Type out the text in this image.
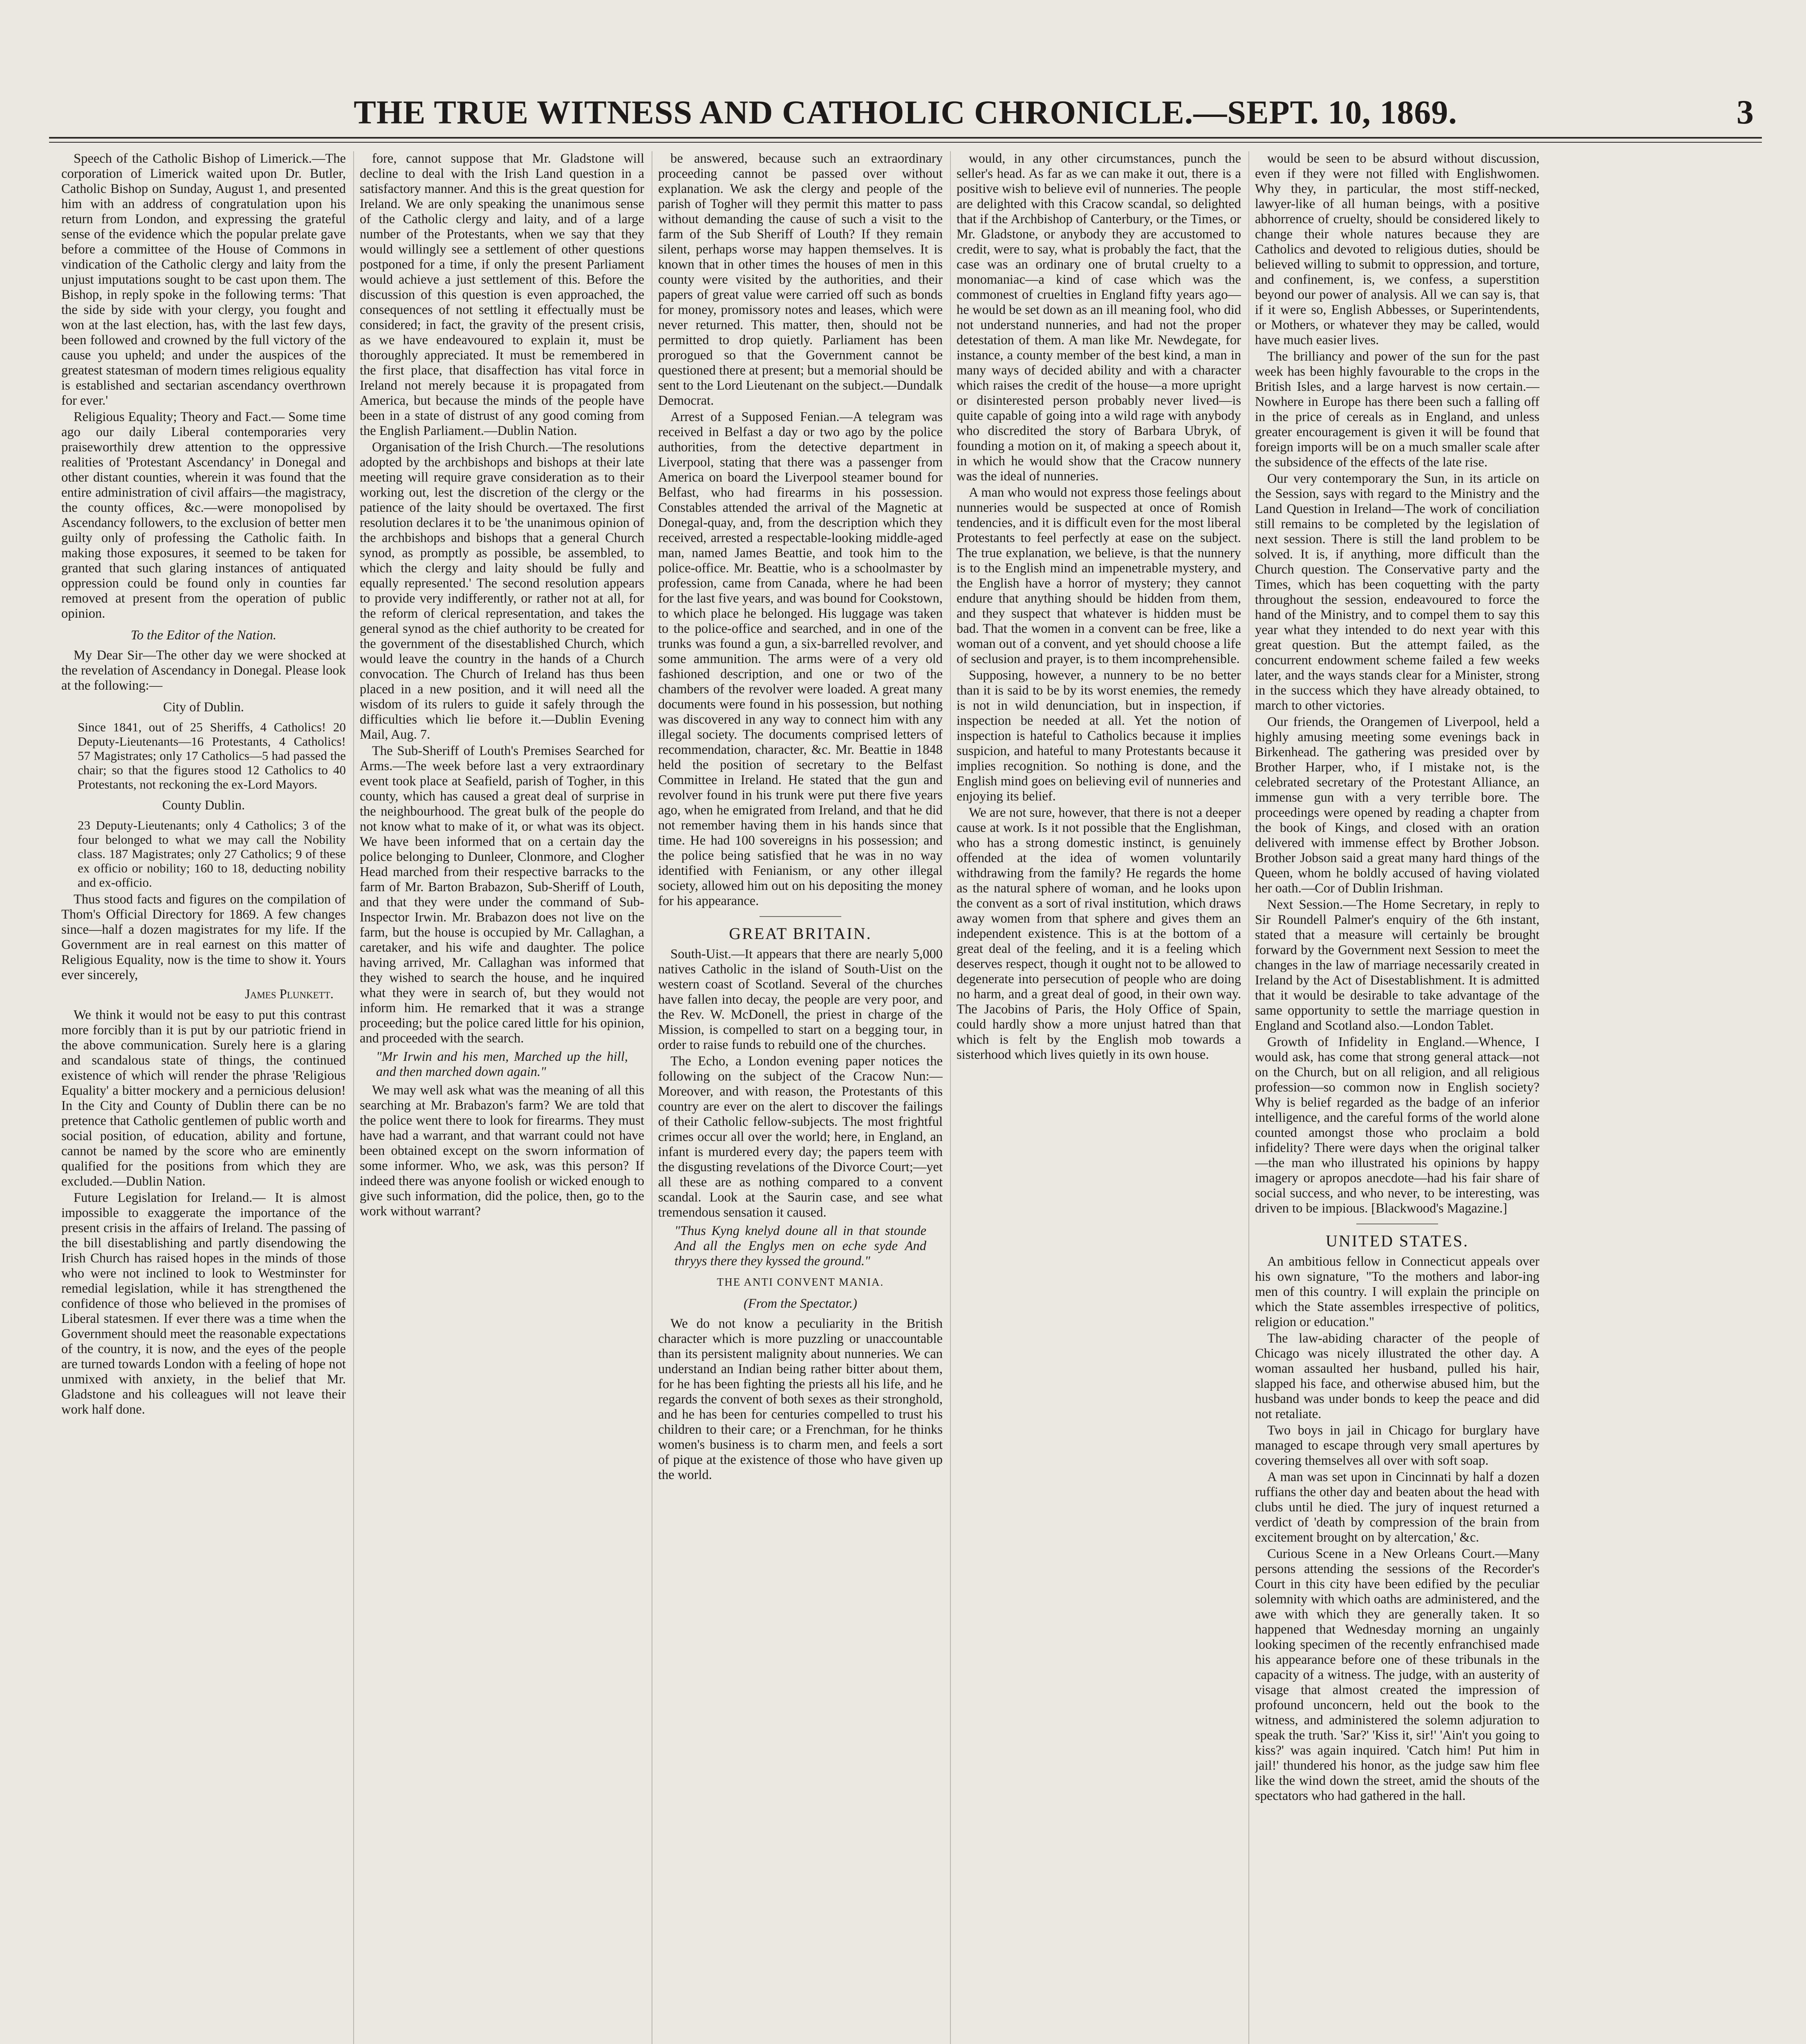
THE TRUE WITNESS AND CATHOLIC CHRONICLE.—SEPT. 10, 1869.	3

Speech of the Catholic Bishop of Limerick.—The corporation of Limerick waited upon Dr. Butler, Catholic Bishop on Sunday, August 1, and presented him with an address of congratulation upon his return from London, and expressing the grateful sense of the evidence which the popular prelate gave before a committee of the House of Commons in vindication of the Catholic clergy and laity from the unjust imputations sought to be cast upon them. The Bishop, in reply spoke in the following terms: 'That the side by side with your clergy, you fought and won at the last election, has, with the last few days, been followed and crowned by the full victory of the cause you upheld; and under the auspices of the greatest statesman of modern times religious equality is established and sectarian ascendancy overthrown for ever.'

Religious Equality; Theory and Fact.— Some time ago our daily Liberal contemporaries very praiseworthily drew attention to the oppressive realities of 'Protestant Ascendancy' in Donegal and other distant counties, wherein it was found that the entire administration of civil affairs—the magistracy, the county offices, &c.—were monopolised by Ascendancy followers, to the exclusion of better men guilty only of professing the Catholic faith. In making those exposures, it seemed to be taken for granted that such glaring instances of antiquated oppression could be found only in counties far removed at present from the operation of public opinion.

To the Editor of the Nation.

My Dear Sir—The other day we were shocked at the revelation of Ascendancy in Donegal. Please look at the following:—

City of Dublin.

Since 1841, out of 25 Sheriffs, 4 Catholics! 20 Deputy-Lieutenants—16 Protestants, 4 Catholics! 57 Magistrates; only 17 Catholics—5 had passed the chair; so that the figures stood 12 Catholics to 40 Protestants, not reckoning the ex-Lord Mayors.

County Dublin.

23 Deputy-Lieutenants; only 4 Catholics; 3 of the four belonged to what we may call the Nobility class. 187 Magistrates; only 27 Catholics; 9 of these ex officio or nobility; 160 to 18, deducting nobility and ex-officio.

Thus stood facts and figures on the compilation of Thom's Official Directory for 1869. A few changes since—half a dozen magistrates for my life. If the Government are in real earnest on this matter of Religious Equality, now is the time to show it. Yours ever sincerely,

James Plunkett.

We think it would not be easy to put this contrast more forcibly than it is put by our patriotic friend in the above communication. Surely here is a glaring and scandalous state of things, the continued existence of which will render the phrase 'Religious Equality' a bitter mockery and a pernicious delusion! In the City and County of Dublin there can be no pretence that Catholic gentlemen of public worth and social position, of education, ability and fortune, cannot be named by the score who are eminently qualified for the positions from which they are excluded.—Dublin Nation.

Future Legislation for Ireland.— It is almost impossible to exaggerate the importance of the present crisis in the affairs of Ireland. The passing of the bill disestablishing and partly disendowing the Irish Church has raised hopes in the minds of those who were not inclined to look to Westminster for remedial legislation, while it has strengthened the confidence of those who believed in the promises of Liberal statesmen. If ever there was a time when the Government should meet the reasonable expectations of the country, it is now, and the eyes of the people are turned towards London with a feeling of hope not unmixed with anxiety, in the belief that Mr. Gladstone and his colleagues will not leave their work half done.

fore, cannot suppose that Mr. Gladstone will decline to deal with the Irish Land question in a satisfactory manner. And this is the great question for Ireland. We are only speaking the unanimous sense of the Catholic clergy and laity, and of a large number of the Protestants, when we say that they would willingly see a settlement of other questions postponed for a time, if only the present Parliament would achieve a just settlement of this. Before the discussion of this question is even approached, the consequences of not settling it effectually must be considered; in fact, the gravity of the present crisis, as we have endeavoured to explain it, must be thoroughly appreciated. It must be remembered in the first place, that disaffection has vital force in Ireland not merely because it is propagated from America, but because the minds of the people have been in a state of distrust of any good coming from the English Parliament.—Dublin Nation.

Organisation of the Irish Church.—The resolutions adopted by the archbishops and bishops at their late meeting will require grave consideration as to their working out, lest the discretion of the clergy or the patience of the laity should be overtaxed. The first resolution declares it to be 'the unanimous opinion of the archbishops and bishops that a general Church synod, as promptly as possible, be assembled, to which the clergy and laity should be fully and equally represented.' The second resolution appears to provide very indifferently, or rather not at all, for the reform of clerical representation, and takes the general synod as the chief authority to be created for the government of the disestablished Church, which would leave the country in the hands of a Church convocation. The Church of Ireland has thus been placed in a new position, and it will need all the wisdom of its rulers to guide it safely through the difficulties which lie before it.—Dublin Evening Mail, Aug. 7.

The Sub-Sheriff of Louth's Premises Searched for Arms.—The week before last a very extraordinary event took place at Seafield, parish of Togher, in this county, which has caused a great deal of surprise in the neighbourhood. The great bulk of the people do not know what to make of it, or what was its object. We have been informed that on a certain day the police belonging to Dunleer, Clonmore, and Clogher Head marched from their respective barracks to the farm of Mr. Barton Brabazon, Sub-Sheriff of Louth, and that they were under the command of Sub-Inspector Irwin. Mr. Brabazon does not live on the farm, but the house is occupied by Mr. Callaghan, a caretaker, and his wife and daughter. The police having arrived, Mr. Callaghan was informed that they wished to search the house, and he inquired what they were in search of, but they would not inform him. He remarked that it was a strange proceeding; but the police cared little for his opinion, and proceeded with the search.

"Mr Irwin and his men, Marched up the hill, and then marched down again."

We may well ask what was the meaning of all this searching at Mr. Brabazon's farm? We are told that the police went there to look for firearms. They must have had a warrant, and that warrant could not have been obtained except on the sworn information of some informer. Who, we ask, was this person? If indeed there was anyone foolish or wicked enough to give such information, did the police, then, go to the work without warrant?

be answered, because such an extraordinary proceeding cannot be passed over without explanation. We ask the clergy and people of the parish of Togher will they permit this matter to pass without demanding the cause of such a visit to the farm of the Sub Sheriff of Louth? If they remain silent, perhaps worse may happen themselves. It is known that in other times the houses of men in this county were visited by the authorities, and their papers of great value were carried off such as bonds for money, promissory notes and leases, which were never returned. This matter, then, should not be permitted to drop quietly. Parliament has been prorogued so that the Government cannot be questioned there at present; but a memorial should be sent to the Lord Lieutenant on the subject.—Dundalk Democrat.

Arrest of a Supposed Fenian.—A telegram was received in Belfast a day or two ago by the police authorities, from the detective department in Liverpool, stating that there was a passenger from America on board the Liverpool steamer bound for Belfast, who had firearms in his possession. Constables attended the arrival of the Magnetic at Donegal-quay, and, from the description which they received, arrested a respectable-looking middle-aged man, named James Beattie, and took him to the police-office. Mr. Beattie, who is a schoolmaster by profession, came from Canada, where he had been for the last five years, and was bound for Cookstown, to which place he belonged. His luggage was taken to the police-office and searched, and in one of the trunks was found a gun, a six-barrelled revolver, and some ammunition. The arms were of a very old fashioned description, and one or two of the chambers of the revolver were loaded. A great many documents were found in his possession, but nothing was discovered in any way to connect him with any illegal society. The documents comprised letters of recommendation, character, &c. Mr. Beattie in 1848 held the position of secretary to the Belfast Committee in Ireland. He stated that the gun and revolver found in his trunk were put there five years ago, when he emigrated from Ireland, and that he did not remember having them in his hands since that time. He had 100 sovereigns in his possession; and the police being satisfied that he was in no way identified with Fenianism, or any other illegal society, allowed him out on his depositing the money for his appearance.

GREAT BRITAIN.

South-Uist.—It appears that there are nearly 5,000 natives Catholic in the island of South-Uist on the western coast of Scotland. Several of the churches have fallen into decay, the people are very poor, and the Rev. W. McDonell, the priest in charge of the Mission, is compelled to start on a begging tour, in order to raise funds to rebuild one of the churches.

The Echo, a London evening paper notices the following on the subject of the Cracow Nun:—Moreover, and with reason, the Protestants of this country are ever on the alert to discover the failings of their Catholic fellow-subjects. The most frightful crimes occur all over the world; here, in England, an infant is murdered every day; the papers teem with the disgusting revelations of the Divorce Court;—yet all these are as nothing compared to a convent scandal. Look at the Saurin case, and see what tremendous sensation it caused.

"Thus Kyng knelyd doune all in that stounde And all the Englys men on eche syde And thryys there they kyssed the ground."

THE ANTI CONVENT MANIA.

(From the Spectator.)

We do not know a peculiarity in the British character which is more puzzling or unaccountable than its persistent malignity about nunneries. We can understand an Indian being rather bitter about them, for he has been fighting the priests all his life, and he regards the convent of both sexes as their stronghold, and he has been for centuries compelled to trust his children to their care; or a Frenchman, for he thinks women's business is to charm men, and feels a sort of pique at the existence of those who have given up the world.

would, in any other circumstances, punch the seller's head. As far as we can make it out, there is a positive wish to believe evil of nunneries. The people are delighted with this Cracow scandal, so delighted that if the Archbishop of Canterbury, or the Times, or Mr. Gladstone, or anybody they are accustomed to credit, were to say, what is probably the fact, that the case was an ordinary one of brutal cruelty to a monomaniac—a kind of case which was the commonest of cruelties in England fifty years ago—he would be set down as an ill meaning fool, who did not understand nunneries, and had not the proper detestation of them. A man like Mr. Newdegate, for instance, a county member of the best kind, a man in many ways of decided ability and with a character which raises the credit of the house—a more upright or disinterested person probably never lived—is quite capable of going into a wild rage with anybody who discredited the story of Barbara Ubryk, of founding a motion on it, of making a speech about it, in which he would show that the Cracow nunnery was the ideal of nunneries.

A man who would not express those feelings about nunneries would be suspected at once of Romish tendencies, and it is difficult even for the most liberal Protestants to feel perfectly at ease on the subject. The true explanation, we believe, is that the nunnery is to the English mind an impenetrable mystery, and the English have a horror of mystery; they cannot endure that anything should be hidden from them, and they suspect that whatever is hidden must be bad. That the women in a convent can be free, like a woman out of a convent, and yet should choose a life of seclusion and prayer, is to them incomprehensible.

Supposing, however, a nunnery to be no better than it is said to be by its worst enemies, the remedy is not in wild denunciation, but in inspection, if inspection be needed at all. Yet the notion of inspection is hateful to Catholics because it implies suspicion, and hateful to many Protestants because it implies recognition. So nothing is done, and the English mind goes on believing evil of nunneries and enjoying its belief.

We are not sure, however, that there is not a deeper cause at work. Is it not possible that the Englishman, who has a strong domestic instinct, is genuinely offended at the idea of women voluntarily withdrawing from the family? He regards the home as the natural sphere of woman, and he looks upon the convent as a sort of rival institution, which draws away women from that sphere and gives them an independent existence. This is at the bottom of a great deal of the feeling, and it is a feeling which deserves respect, though it ought not to be allowed to degenerate into persecution of people who are doing no harm, and a great deal of good, in their own way. The Jacobins of Paris, the Holy Office of Spain, could hardly show a more unjust hatred than that which is felt by the English mob towards a sisterhood which lives quietly in its own house.

would be seen to be absurd without discussion, even if they were not filled with Englishwomen. Why they, in particular, the most stiff-necked, lawyer-like of all human beings, with a positive abhorrence of cruelty, should be considered likely to change their whole natures because they are Catholics and devoted to religious duties, should be believed willing to submit to oppression, and torture, and confinement, is, we confess, a superstition beyond our power of analysis. All we can say is, that if it were so, English Abbesses, or Superintendents, or Mothers, or whatever they may be called, would have much easier lives.

The brilliancy and power of the sun for the past week has been highly favourable to the crops in the British Isles, and a large harvest is now certain.—Nowhere in Europe has there been such a falling off in the price of cereals as in England, and unless greater encouragement is given it will be found that foreign imports will be on a much smaller scale after the subsidence of the effects of the late rise.

Our very contemporary the Sun, in its article on the Session, says with regard to the Ministry and the Land Question in Ireland—The work of conciliation still remains to be completed by the legislation of next session. There is still the land problem to be solved. It is, if anything, more difficult than the Church question. The Conservative party and the Times, which has been coquetting with the party throughout the session, endeavoured to force the hand of the Ministry, and to compel them to say this year what they intended to do next year with this great question. But the attempt failed, as the concurrent endowment scheme failed a few weeks later, and the ways stands clear for a Minister, strong in the success which they have already obtained, to march to other victories.

Our friends, the Orangemen of Liverpool, held a highly amusing meeting some evenings back in Birkenhead. The gathering was presided over by Brother Harper, who, if I mistake not, is the celebrated secretary of the Protestant Alliance, an immense gun with a very terrible bore. The proceedings were opened by reading a chapter from the book of Kings, and closed with an oration delivered with immense effect by Brother Jobson. Brother Jobson said a great many hard things of the Queen, whom he boldly accused of having violated her oath.—Cor of Dublin Irishman.

Next Session.—The Home Secretary, in reply to Sir Roundell Palmer's enquiry of the 6th instant, stated that a measure will certainly be brought forward by the Government next Session to meet the changes in the law of marriage necessarily created in Ireland by the Act of Disestablishment. It is admitted that it would be desirable to take advantage of the same opportunity to settle the marriage question in England and Scotland also.—London Tablet.

Growth of Infidelity in England.—Whence, I would ask, has come that strong general attack—not on the Church, but on all religion, and all religious profession—so common now in English society? Why is belief regarded as the badge of an inferior intelligence, and the careful forms of the world alone counted amongst those who proclaim a bold infidelity? There were days when the original talker—the man who illustrated his opinions by happy imagery or apropos anecdote—had his fair share of social success, and who never, to be interesting, was driven to be impious. [Blackwood's Magazine.]

UNITED STATES.

An ambitious fellow in Connecticut appeals over his own signature, "To the mothers and labor-ing men of this country. I will explain the principle on which the State assembles irrespective of politics, religion or education."

The law-abiding character of the people of Chicago was nicely illustrated the other day. A woman assaulted her husband, pulled his hair, slapped his face, and otherwise abused him, but the husband was under bonds to keep the peace and did not retaliate.

Two boys in jail in Chicago for burglary have managed to escape through very small apertures by covering themselves all over with soft soap.

A man was set upon in Cincinnati by half a dozen ruffians the other day and beaten about the head with clubs until he died. The jury of inquest returned a verdict of 'death by compression of the brain from excitement brought on by altercation,' &c.

Curious Scene in a New Orleans Court.—Many persons attending the sessions of the Recorder's Court in this city have been edified by the peculiar solemnity with which oaths are administered, and the awe with which they are generally taken. It so happened that Wednesday morning an ungainly looking specimen of the recently enfranchised made his appearance before one of these tribunals in the capacity of a witness. The judge, with an austerity of visage that almost created the impression of profound unconcern, held out the book to the witness, and administered the solemn adjuration to speak the truth. 'Sar?' 'Kiss it, sir!' 'Ain't you going to kiss?' was again inquired. 'Catch him! Put him in jail!' thundered his honor, as the judge saw him flee like the wind down the street, amid the shouts of the spectators who had gathered in the hall.
